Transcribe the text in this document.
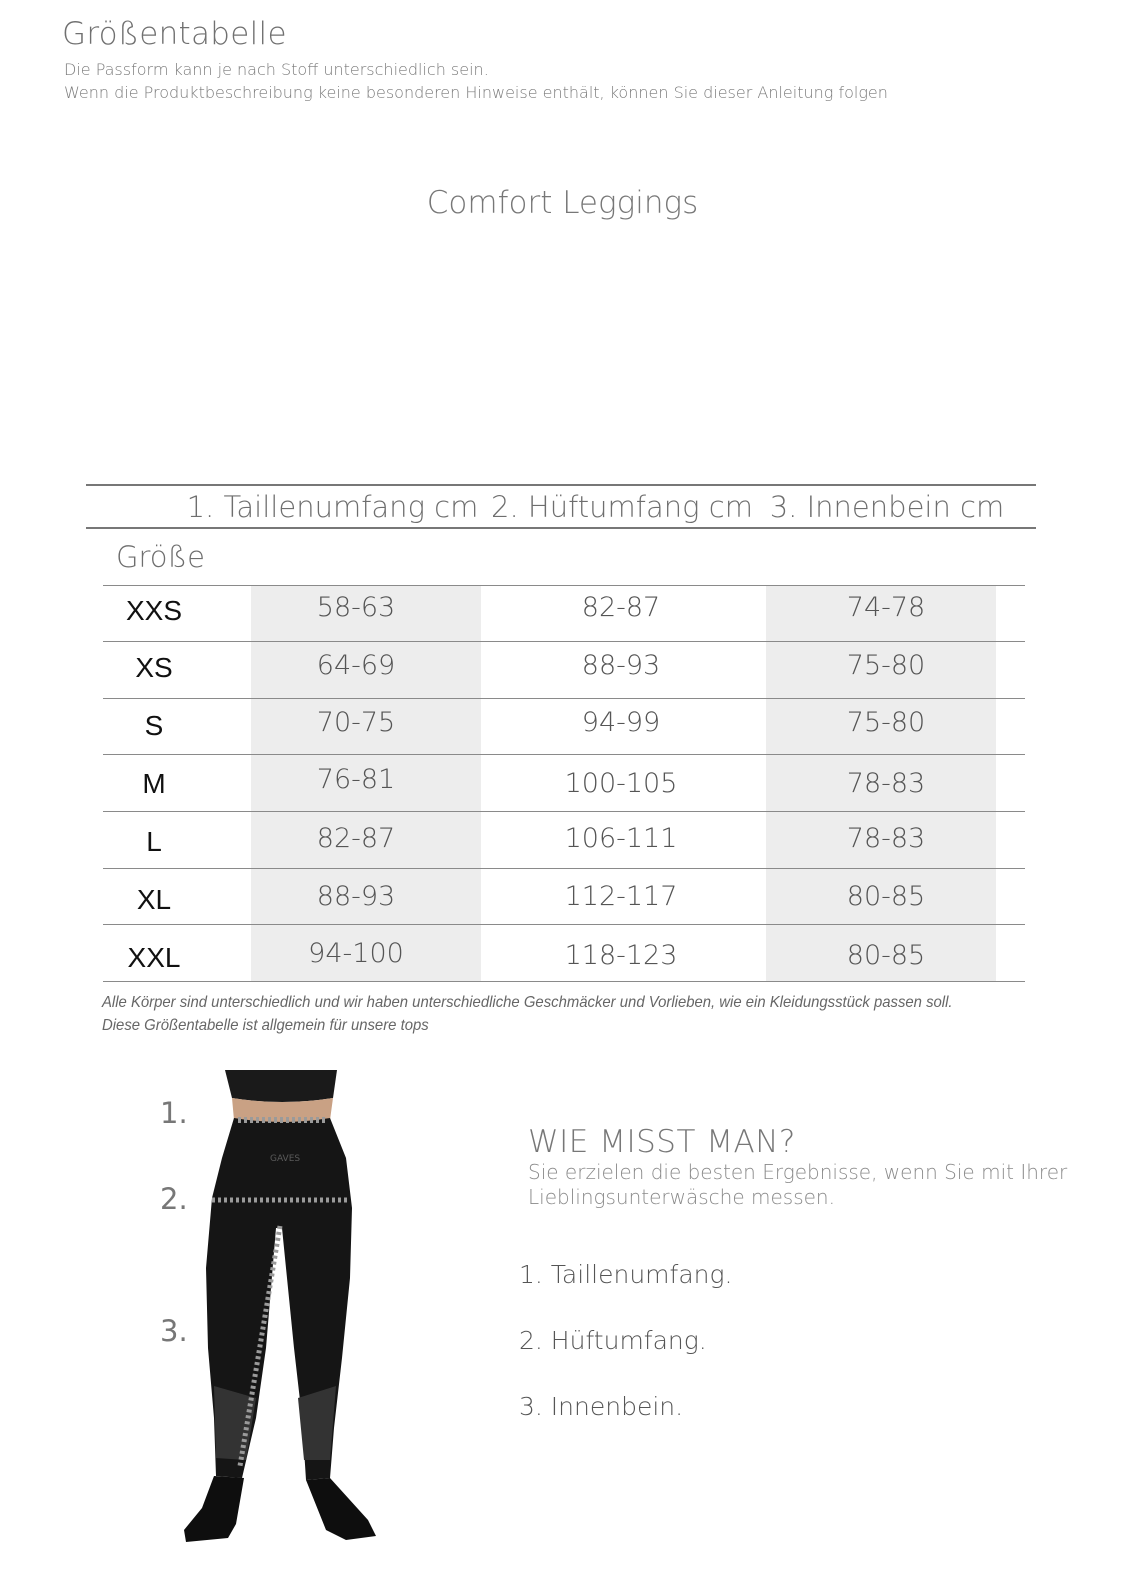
Größentabelle
Die Passform kann je nach Stoff unterschiedlich sein.
Wenn die Produktbeschreibung keine besonderen Hinweise enthält, können Sie dieser Anleitung folgen
Comfort Leggings
1. Taillenumfang cm 2. Hüftumfang cm 3. Innenbein cm
Größe
XXS	58-63	82-87	74-78
XS	64-69	88-93	75-80
S	70-75	94-99	75-80
M	76-81	100-105	78-83
L	82-87	106-111	78-83
XL	88-93	112-117	80-85
XXL	94-100	118-123	80-85
Alle Körper sind unterschiedlich und wir haben unterschiedliche Geschmäcker und Vorlieben, wie ein Kleidungsstück passen soll.
Diese Größentabelle ist allgemein für unsere tops
1.
2.
3.
GAVES	WIE MISST MAN?
Sie erzielen die besten Ergebnisse, wenn Sie mit Ihrer
Lieblingsunterwäsche messen.
1. Taillenumfang.
2. Hüftumfang.
3. Innenbein.
